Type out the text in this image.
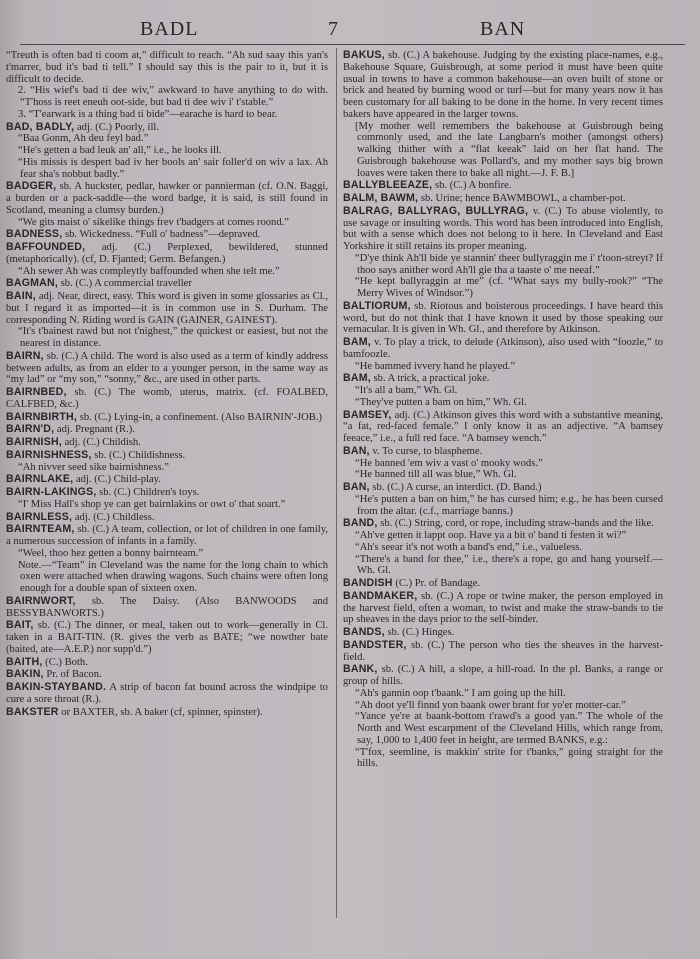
BADL	7	BAN
“Treuth is often bad ti coom at,” difficult to reach. “Ah sud saay this yan's t'marrer, bud it's bad ti tell.” I should say this is the pair to it, but it is difficult to decide.
2. “His wief's bad ti dee wiv,” awkward to have anything to do with. “T'hoss is reet eneuh oot-side, but bad ti dee wiv i' t'stable.”
3. “T'earwark is a thing bad ti bide”—earache is hard to bear.
BAD, BADLY, adj. (C.) Poorly, ill.
“Baa Gonm, Ah deu feyl bad.”
“He's getten a bad leuk an' all,” i.e., he looks ill.
“His missis is despert bad iv her bools an' sair foller'd on wiv a lax. Ah fear sha's nobbut badly.”
BADGER, sb. A huckster, pedlar, hawker or pannierman (cf. O.N. Baggi, a burden or a pack-saddle—the word badge, it is said, is still found in Scotland, meaning a clumsy burden.)
“We gits maist o' sikelike things frev t'badgers at comes roond.”
BADNESS, sb. Wickedness. “Full o' badness”—depraved.
BAFFOUNDED, adj. (C.) Perplexed, bewildered, stunned (metaphorically). (cf, D. Fjanted; Germ. Befangen.)
“Ah sewer Ah was compleytly baffounded when she telt me.”
BAGMAN, sb. (C.) A commercial traveller
BAIN, adj. Near, direct, easy. This word is given in some glossaries as Cl., but I regard it as imported—it is in common use in S. Durham. The corresponding N. Riding word is GAIN (GAINER, GAINEST).
“It's t'bainest rawd but not t'nighest,” the quickest or easiest, but not the nearest in distance.
BAIRN, sb. (C.) A child. The word is also used as a term of kindly address between adults, as from an elder to a younger person, in the same way as “my lad” or “my son,” “sonny,” &c., are used in other parts.
BAIRNBED, sb. (C.) The womb, uterus, matrix. (cf. FOALBED, CALFBED, &c.)
BAIRNBIRTH, sb. (C.) Lying-in, a confinement. (Also BAIRNIN'-JOB.)
BAIRN'D, adj. Pregnant (R.).
BAIRNISH, adj. (C.) Childish.
BAIRNISHNESS, sb. (C.) Childishness.
“Ah nivver seed sike bairnishness.”
BAIRNLAKE, adj. (C.) Child-play.
BAIRN-LAKINGS, sb. (C.) Children's toys.
“I' Miss Hall's shop ye can get bairnlakins or owt o' that soart.”
BAIRNLESS, adj. (C.) Childless.
BAIRNTEAM, sb. (C.) A team, collection, or lot of children in one family, a numerous succession of infants in a family.
“Weel, thoo hez getten a bonny bairnteam.”
Note.—“Team” in Cleveland was the name for the long chain to which oxen were attached when drawing wagons. Such chains were often long enough for a double span of sixteen oxen.
BAIRNWORT, sb. The Daisy. (Also BANWOODS and BESSYBANWORTS.)
BAIT, sb. (C.) The dinner, or meal, taken out to work—generally in Cl. taken in a BAIT-TIN. (R. gives the verb as BATE; “we nowther bate (baited, ate—A.E.P.) nor supp'd.”)
BAITH, (C.) Both.
BAKIN, Pr. of Bacon.
BAKIN-STAYBAND. A strip of bacon fat bound across the windpipe to cure a sore throat (R.).
BAKSTER or BAXTER, sb. A baker (cf, spinner, spinster).
BAKUS, sb. (C.) A bakehouse. Judging by the existing place-names, e.g., Bakehouse Square, Guisbrough, at some period it must have been quite usual in towns to have a common bakehouse—an oven built of stone or brick and heated by burning wood or turf—but for many years now it has been customary for all baking to be done in the home. In very recent times bakers have appeared in the larger towns.
[My mother well remembers the bakehouse at Guisbrough being commonly used, and the late Langbarn's mother (amongst others) walking thither with a “flat keeak” laid on her flat hand. The Guisbrough bakehouse was Pollard's, and my mother says big brown loaves were taken there to bake all night.—J. F. B.]
BALLYBLEEAZE, sb. (C.) A bonfire.
BALM, BAWM, sb. Urine; hence BAWMBOWL, a chamber-pot.
BALRAG, BALLYRAG, BULLYRAG, v. (C.) To abuse violently, to use savage or insulting words. This word has been introduced into English, but with a sense which does not belong to it here. In Cleveland and East Yorkshire it still retains its proper meaning.
“D'ye think Ah'll bide ye stannin' theer bullyraggin me i' t'toon-streyt? If thoo says anither word Ah'll gie tha a taaste o' me neeaf.”
“He kept ballyraggin at me” (cf. “What says my bully-rook?” “The Merry Wives of Windsor.”)
BALTIORUM, sb. Riotous and boisterous proceedings. I have heard this word, but do not think that I have known it used by those speaking our vernacular. It is given in Wh. Gl., and therefore by Atkinson.
BAM, v. To play a trick, to delude (Atkinson), also used with “foozle,” to bamfoozle.
“He bammed ivvery hand he played.”
BAM, sb. A trick, a practical joke.
“It's all a bam,” Wh. Gl.
“They've putten a bam on him,” Wh. Gl.
BAMSEY, adj. (C.) Atkinson gives this word with a substantive meaning, “a fat, red-faced female.” I only know it as an adjective. “A bamsey feeace,” i.e., a full red face. “A bamsey wench.”
BAN, v. To curse, to blaspheme.
“He banned 'em wiv a vast o' mooky wods.”
“He banned till all was blue,” Wh. Gl.
BAN, sb. (C.) A curse, an interdict. (D. Band.)
“He's putten a ban on him,” he has cursed him; e.g., he has been cursed from the altar. (c.f., marriage banns.)
BAND, sb. (C.) String, cord, or rope, including straw-bands and the like.
“Ah've getten it lappt oop. Have ya a bit o' band ti festen it wi?”
“Ah's seear it's not woth a band's end,” i.e., valueless.
“There's a band for thee,” i.e., there's a rope, go and hang yourself.—Wh. Gl.
BANDISH (C.) Pr. of Bandage.
BANDMAKER, sb. (C.) A rope or twine maker, the person employed in the harvest field, often a woman, to twist and make the straw-bands to tie up sheaves in the days prior to the self-binder.
BANDS, sb. (C.) Hinges.
BANDSTER, sb. (C.) The person who ties the sheaves in the harvest-field.
BANK, sb. (C.) A hill, a slope, a hill-road. In the pl. Banks, a range or group of hills.
“Ah's gannin oop t'baank.” I am going up the hill.
“Ah doot ye'll finnd yon baank ower brant for yo'er motter-car.”
“Yance ye're at baank-bottom t'rawd's a good yan.” The whole of the North and West escarpment of the Cleveland Hills, which range from, say, 1,000 to 1,400 feet in height, are termed BANKS, e.g.:
“T'fox, seemline, is makkin' strite for t'banks,” going straight for the hills.
